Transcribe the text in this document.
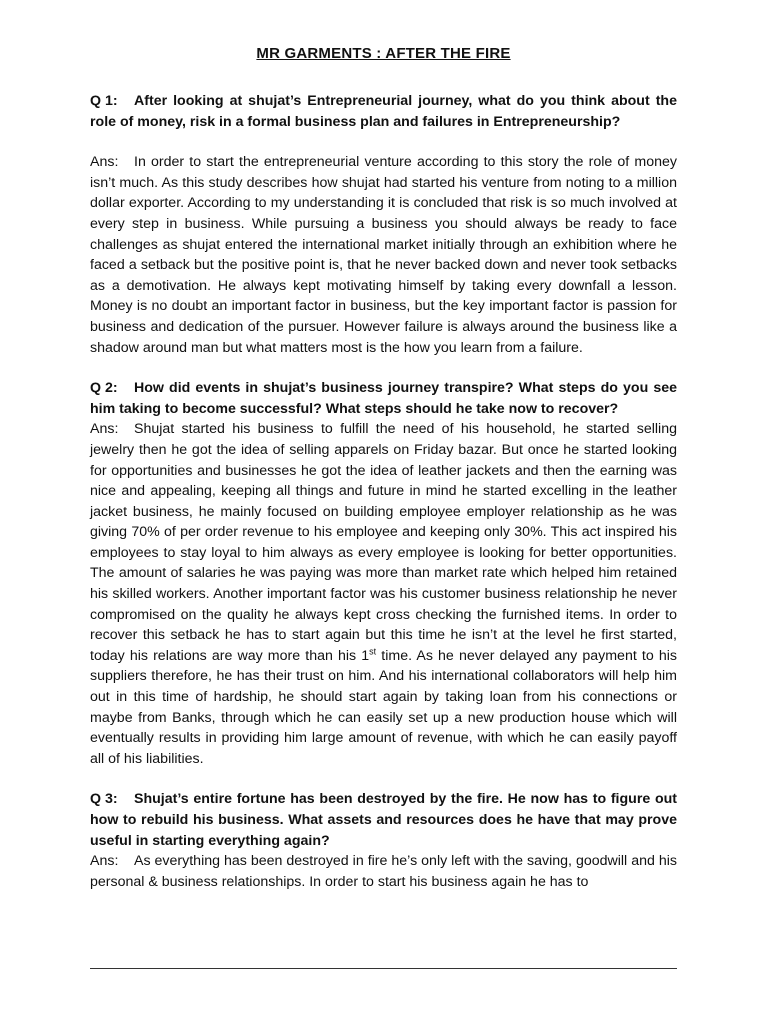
MR GARMENTS : AFTER THE FIRE

Q 1: After looking at shujat’s Entrepreneurial journey, what do you think about the role of money, risk in a formal business plan and failures in Entrepreneurship?

Ans: In order to start the entrepreneurial venture according to this story the role of money isn’t much. As this study describes how shujat had started his venture from noting to a million dollar exporter. According to my understanding it is concluded that risk is so much involved at every step in business. While pursuing a business you should always be ready to face challenges as shujat entered the international market initially through an exhibition where he faced a setback but the positive point is, that he never backed down and never took setbacks as a demotivation. He always kept motivating himself by taking every downfall a lesson. Money is no doubt an important factor in business, but the key important factor is passion for business and dedication of the pursuer. However failure is always around the business like a shadow around man but what matters most is the how you learn from a failure.

Q 2: How did events in shujat’s business journey transpire? What steps do you see him taking to become successful? What steps should he take now to recover?

Ans: Shujat started his business to fulfill the need of his household, he started selling jewelry then he got the idea of selling apparels on Friday bazar. But once he started looking for opportunities and businesses he got the idea of leather jackets and then the earning was nice and appealing, keeping all things and future in mind he started excelling in the leather jacket business, he mainly focused on building employee employer relationship as he was giving 70% of per order revenue to his employee and keeping only 30%. This act inspired his employees to stay loyal to him always as every employee is looking for better opportunities. The amount of salaries he was paying was more than market rate which helped him retained his skilled workers. Another important factor was his customer business relationship he never compromised on the quality he always kept cross checking the furnished items. In order to recover this setback he has to start again but this time he isn’t at the level he first started, today his relations are way more than his 1st time. As he never delayed any payment to his suppliers therefore, he has their trust on him. And his international collaborators will help him out in this time of hardship, he should start again by taking loan from his connections or maybe from Banks, through which he can easily set up a new production house which will eventually results in providing him large amount of revenue, with which he can easily payoff all of his liabilities.

Q 3: Shujat’s entire fortune has been destroyed by the fire. He now has to figure out how to rebuild his business. What assets and resources does he have that may prove useful in starting everything again?

Ans: As everything has been destroyed in fire he’s only left with the saving, goodwill and his personal & business relationships. In order to start his business again he has to
